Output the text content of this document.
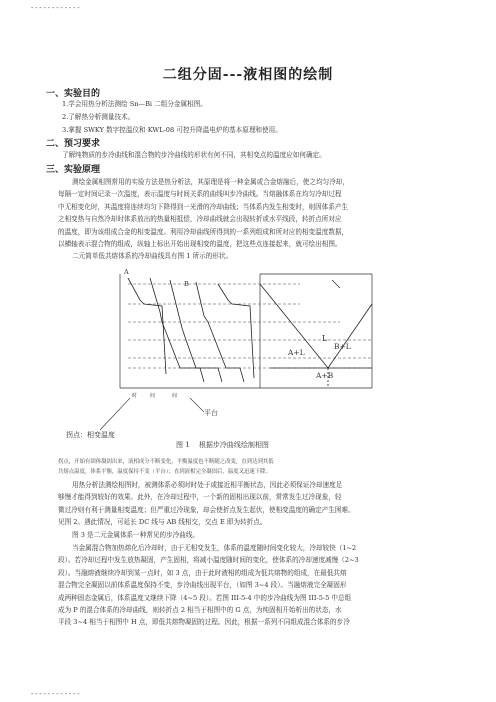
------------
二组分固---液相图的绘制
一、实验目的
1.学会用热分析法测绘 Sn—Bi 二组分金属相图。
2.了解热分析测量技术。
3.掌握 SWKY 数字控温仪和 KWL-08 可控升降温电炉的基本原理和使用。
二、预习要求
了解纯物质的步冷曲线和混合物的步冷曲线的形状有何不同，其相变点的温度应如何确定。
三、实验原理
测绘金属相图常用的实验方法是热分析法，其原理是将一种金属或合金熔融后，使之均匀冷却，
每隔一定时间记录一次温度，表示温度与时间关系的曲线叫步冷曲线。当熔融体系在均匀冷却过程
中无相变化时，其温度将连续均匀下降得到一光滑的冷却曲线；当体系内发生相变时，则因体系产生
之相变热与自然冷却时体系放出的热量相抵偿，冷却曲线就会出现转折或水平线段，转折点所对应
的温度，即为该组成合金的相变温度。利用冷却曲线所得到的一系列组成和所对应的相变温度数据，
以横轴表示混合物的组成，纵轴上标出开始出现相变的温度，把这些点连接起来，就可绘出相图。
二元简单低共熔体系的冷却曲线具有图 1 所示的形状。
A
B
L
A+L
B+L
A+B
时	间	间
平台
拐点：相变温度
图 1　 根据步冷曲线绘制相图
拐点，开始有固体凝固出来，液相成分不断变化，平衡温度也不断随之改变，直到达到其低
共熔点温度，体系平衡，温度保持不变（平台）；直到液相完全凝固后，温度又迅速下降。
用热分析法测绘相图时，被测体系必须时时处于或接近相平衡状态，因此必须保证冷却速度足
够慢才能得到较好的效果。此外，在冷却过程中，一个新的固相出现以前，常常发生过冷现象，轻
微过冷则有利于测量相变温度；但严重过冷现象，却会使折点发生起伏，使相变温度的确定产生困难。
见图 2。遇此情况，可延长 DC 线与 AB 线相交，交点 E 即为转折点。
图 3 是二元金属体系一种常见的步冷曲线。
当金属混合物加热熔化后冷却时，由于无相变发生，体系的温度随时间变化较大，冷却较快（1~2
段）。若冷却过程中发生放热凝固，产生固相，将减小温度随时间的变化，使体系的冷却速度减慢（2~3
段）。当融熔液继续冷却到某一点时，如 3 点，由于此时液相的组成为低共熔物的组成，在最低共熔
混合物完全凝固以前体系温度保持不变，步冷曲线出现平台，（如图 3~4 段）。当融熔液完全凝固形
成两种固态金属后，体系温度又继续下降（4~5 段）。若图 III-5-4 中的步冷曲线为图 III-5-5 中总组
成为 P 的混合体系的冷却曲线，则转折点 2 相当于相图中的 G 点，为纯固相开始析出的状态，水
平段 3~4 相当于相图中 H 点，即低共熔物凝固的过程。因此，根据一系列不同组成混合体系的步冷
------------
